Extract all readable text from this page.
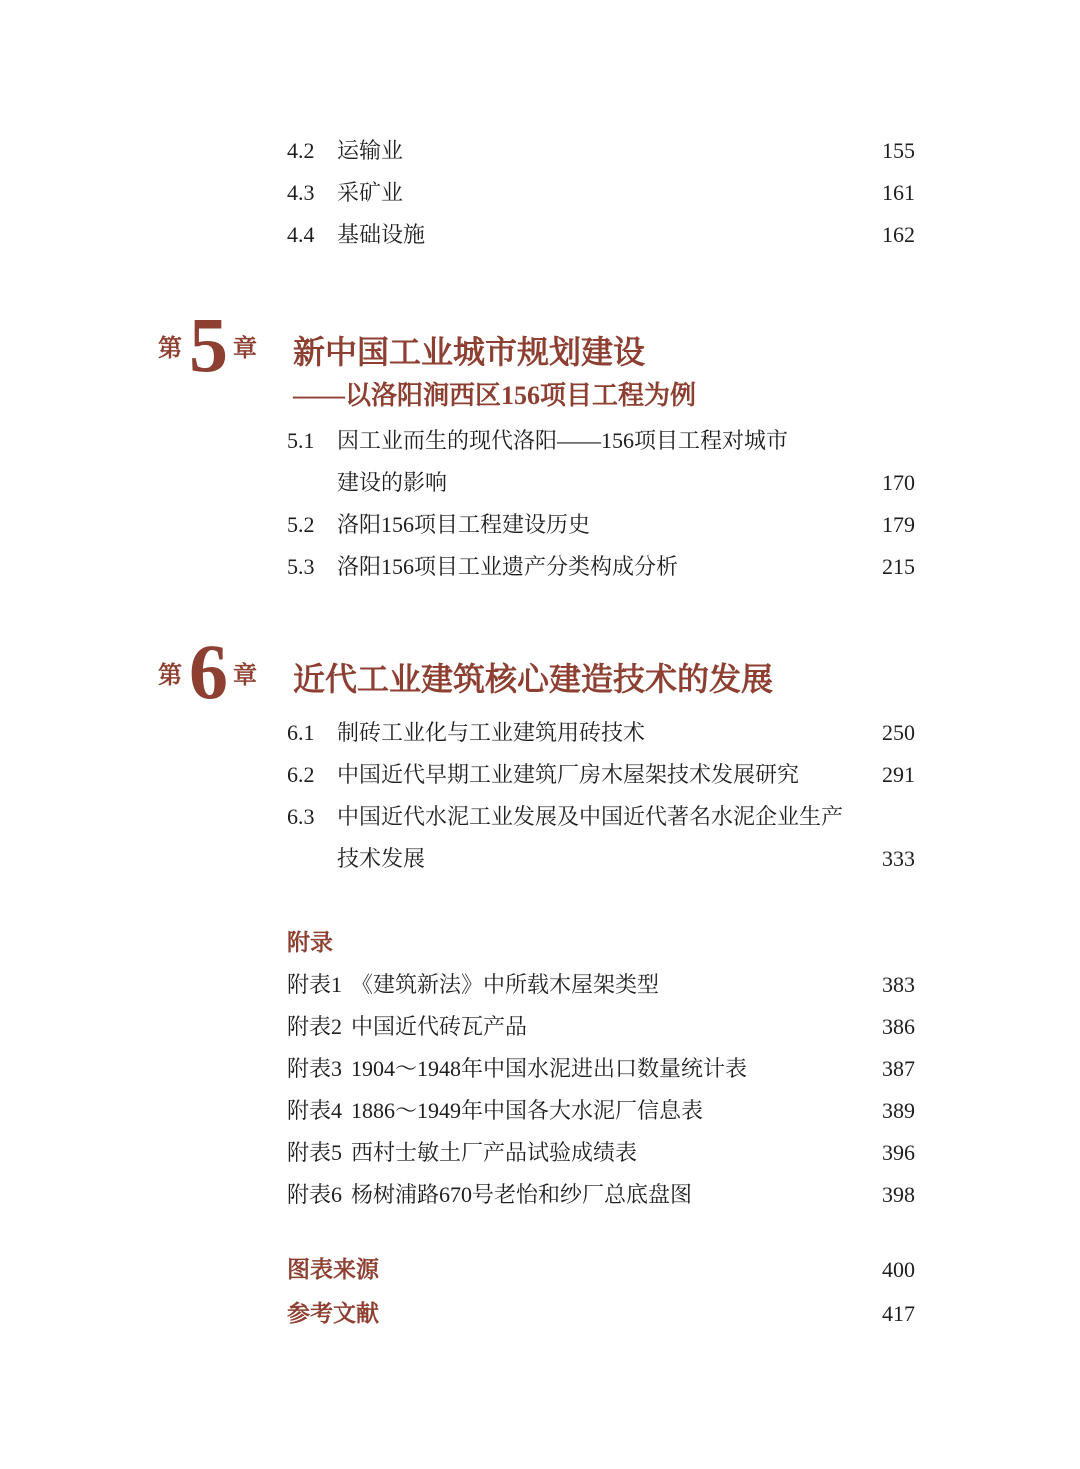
4.2	运输业	155
4.3	采矿业	161
4.4	基础设施	162
第 5 章 新中国工业城市规划建设
——以洛阳涧西区156项目工程为例
5.1	因工业而生的现代洛阳——156项目工程对城市
建设的影响	170
5.2	洛阳156项目工程建设历史	179
5.3	洛阳156项目工业遗产分类构成分析	215
第 6 章 近代工业建筑核心建造技术的发展
6.1	制砖工业化与工业建筑用砖技术	250
6.2	中国近代早期工业建筑厂房木屋架技术发展研究	291
6.3	中国近代水泥工业发展及中国近代著名水泥企业生产
技术发展	333
附录
附表1 《建筑新法》中所载木屋架类型	383
附表2 中国近代砖瓦产品	386
附表3 1904～1948年中国水泥进出口数量统计表	387
附表4 1886～1949年中国各大水泥厂信息表	389
附表5 西村士敏土厂产品试验成绩表	396
附表6 杨树浦路670号老怡和纱厂总底盘图	398
图表来源	400
参考文献	417
